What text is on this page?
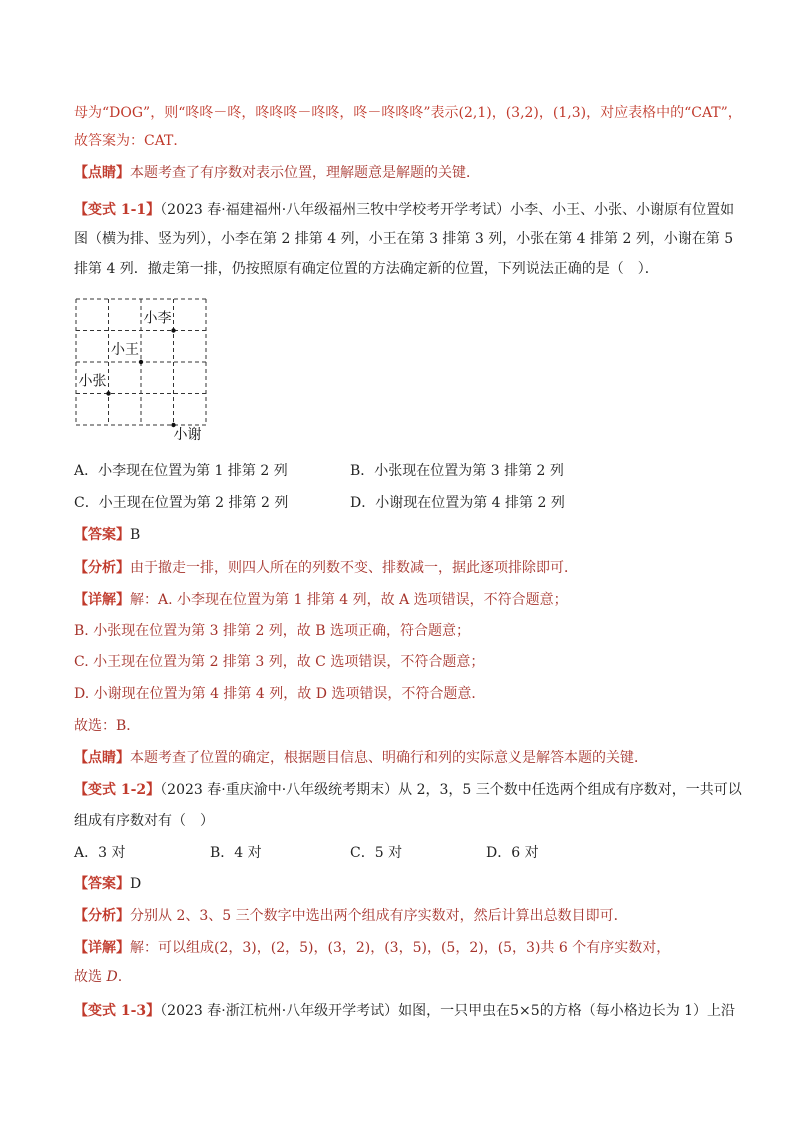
母为“DOG”，则“咚咚－咚，咚咚咚－咚咚，咚－咚咚咚”表示(2,1)，(3,2)，(1,3)，对应表格中的“CAT”，
故答案为：CAT．
【点睛】本题考查了有序数对表示位置，理解题意是解题的关键．
【变式 1-1】（2023 春·福建福州·八年级福州三牧中学校考开学考试）小李、小王、小张、小谢原有位置如
图（横为排、竖为列），小李在第 2 排第 4 列，小王在第 3 排第 3 列，小张在第 4 排第 2 列，小谢在第 5
排第 4 列．撤走第一排，仍按照原有确定位置的方法确定新的位置，下列说法正确的是（　）．
小李
小王
小张
小谢
A．小李现在位置为第 1 排第 2 列	B．小张现在位置为第 3 排第 2 列
C．小王现在位置为第 2 排第 2 列	D．小谢现在位置为第 4 排第 2 列
【答案】B
【分析】由于撤走一排，则四人所在的列数不变、排数减一，据此逐项排除即可．
【详解】解：A. 小李现在位置为第 1 排第 4 列，故 A 选项错误，不符合题意；
B. 小张现在位置为第 3 排第 2 列，故 B 选项正确，符合题意；
C. 小王现在位置为第 2 排第 3 列，故 C 选项错误，不符合题意；
D. 小谢现在位置为第 4 排第 4 列，故 D 选项错误，不符合题意．
故选：B．
【点睛】本题考查了位置的确定，根据题目信息、明确行和列的实际意义是解答本题的关键．
【变式 1-2】（2023 春·重庆渝中·八年级统考期末）从 2，3，5 三个数中任选两个组成有序数对，一共可以
组成有序数对有（　）
A．3 对	B．4 对	C．5 对	D．6 对
【答案】D
【分析】分别从 2、3、5 三个数字中选出两个组成有序实数对，然后计算出总数目即可．
【详解】解：可以组成(2，3)，(2，5)，(3，2)，(3，5)，(5，2)，(5，3)共 6 个有序实数对，
故选 D.
【变式 1-3】（2023 春·浙江杭州·八年级开学考试）如图，一只甲虫在5×5的方格（每小格边长为 1）上沿
